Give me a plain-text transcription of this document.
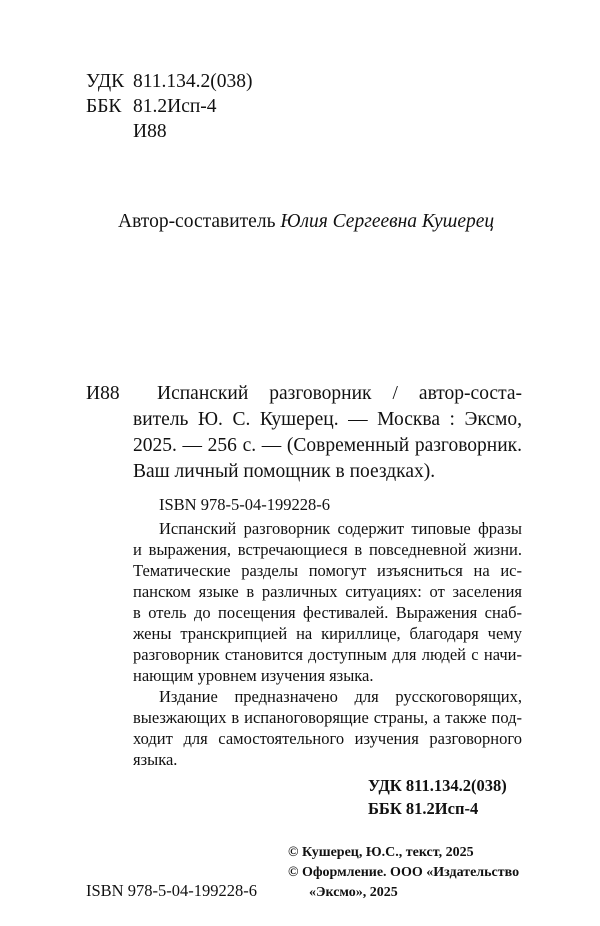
УДК 811.134.2(038)
ББК 81.2Исп-4
И88
Автор-составитель Юлия Сергеевна Кушерец
И88 Испанский разговорник / автор-соста-
витель Ю. С. Кушерец. — Москва : Эксмо,
2025. — 256 с. — (Современный разговорник.
Ваш личный помощник в поездках).
ISBN 978-5-04-199228-6
Испанский разговорник содержит типовые фразы
и выражения, встречающиеся в повседневной жизни.
Тематические разделы помогут изъясниться на ис-
панском языке в различных ситуациях: от заселения
в отель до посещения фестивалей. Выражения снаб-
жены транскрипцией на кириллице, благодаря чему
разговорник становится доступным для людей с начи-
нающим уровнем изучения языка.
Издание предназначено для русскоговорящих,
выезжающих в испаноговорящие страны, а также под-
ходит для самостоятельного изучения разговорного
языка.
УДК 811.134.2(038)
ББК 81.2Исп-4
© Кушерец, Ю.С., текст, 2025
© Оформление. ООО «Издательство
ISBN 978-5-04-199228-6	«Эксмо», 2025
